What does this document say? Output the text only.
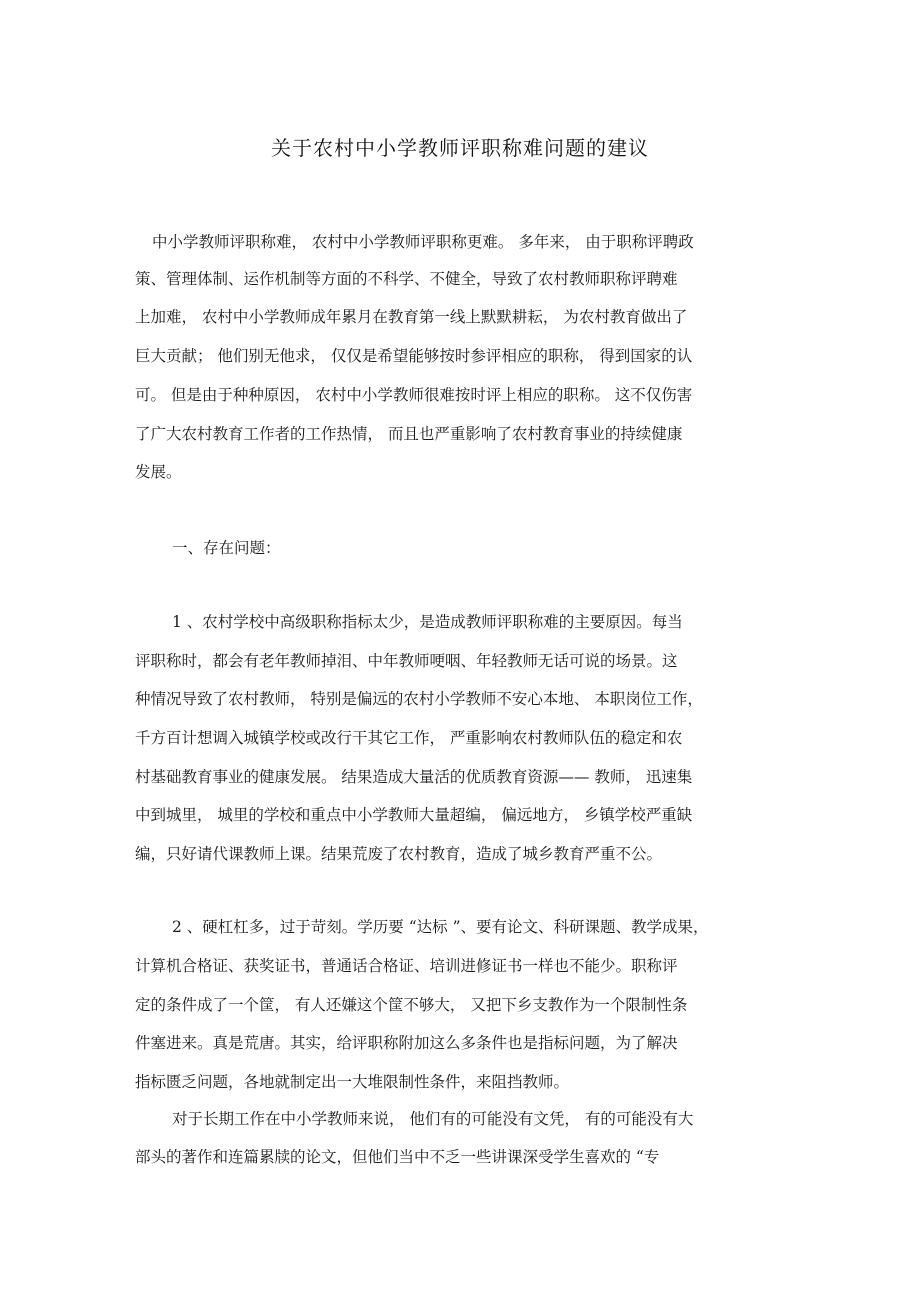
关于农村中小学教师评职称难问题的建议
中小学教师评职称难， 农村中小学教师评职称更难。 多年来， 由于职称评聘政
策、管理体制、运作机制等方面的不科学、不健全，导致了农村教师职称评聘难
上加难， 农村中小学教师成年累月在教育第一线上默默耕耘， 为农村教育做出了
巨大贡献； 他们别无他求， 仅仅是希望能够按时参评相应的职称， 得到国家的认
可。 但是由于种种原因， 农村中小学教师很难按时评上相应的职称。 这不仅伤害
了广大农村教育工作者的工作热情， 而且也严重影响了农村教育事业的持续健康
发展。
一、存在问题：
1 、农村学校中高级职称指标太少，是造成教师评职称难的主要原因。每当
评职称时，都会有老年教师掉泪、中年教师哽咽、年轻教师无话可说的场景。这
种情况导致了农村教师， 特别是偏远的农村小学教师不安心本地、 本职岗位工作，
千方百计想调入城镇学校或改行干其它工作， 严重影响农村教师队伍的稳定和农
村基础教育事业的健康发展。 结果造成大量活的优质教育资源—— 教师， 迅速集
中到城里， 城里的学校和重点中小学教师大量超编， 偏远地方， 乡镇学校严重缺
编，只好请代课教师上课。结果荒废了农村教育，造成了城乡教育严重不公。
2 、硬杠杠多，过于苛刻。学历要 “达标 ”、要有论文、科研课题、教学成果，
计算机合格证、获奖证书，普通话合格证、培训进修证书一样也不能少。职称评
定的条件成了一个筐， 有人还嫌这个筐不够大， 又把下乡支教作为一个限制性条
件塞进来。真是荒唐。其实，给评职称附加这么多条件也是指标问题，为了解决
指标匮乏问题，各地就制定出一大堆限制性条件，来阻挡教师。
对于长期工作在中小学教师来说， 他们有的可能没有文凭， 有的可能没有大
部头的著作和连篇累牍的论文，但他们当中不乏一些讲课深受学生喜欢的 “专
